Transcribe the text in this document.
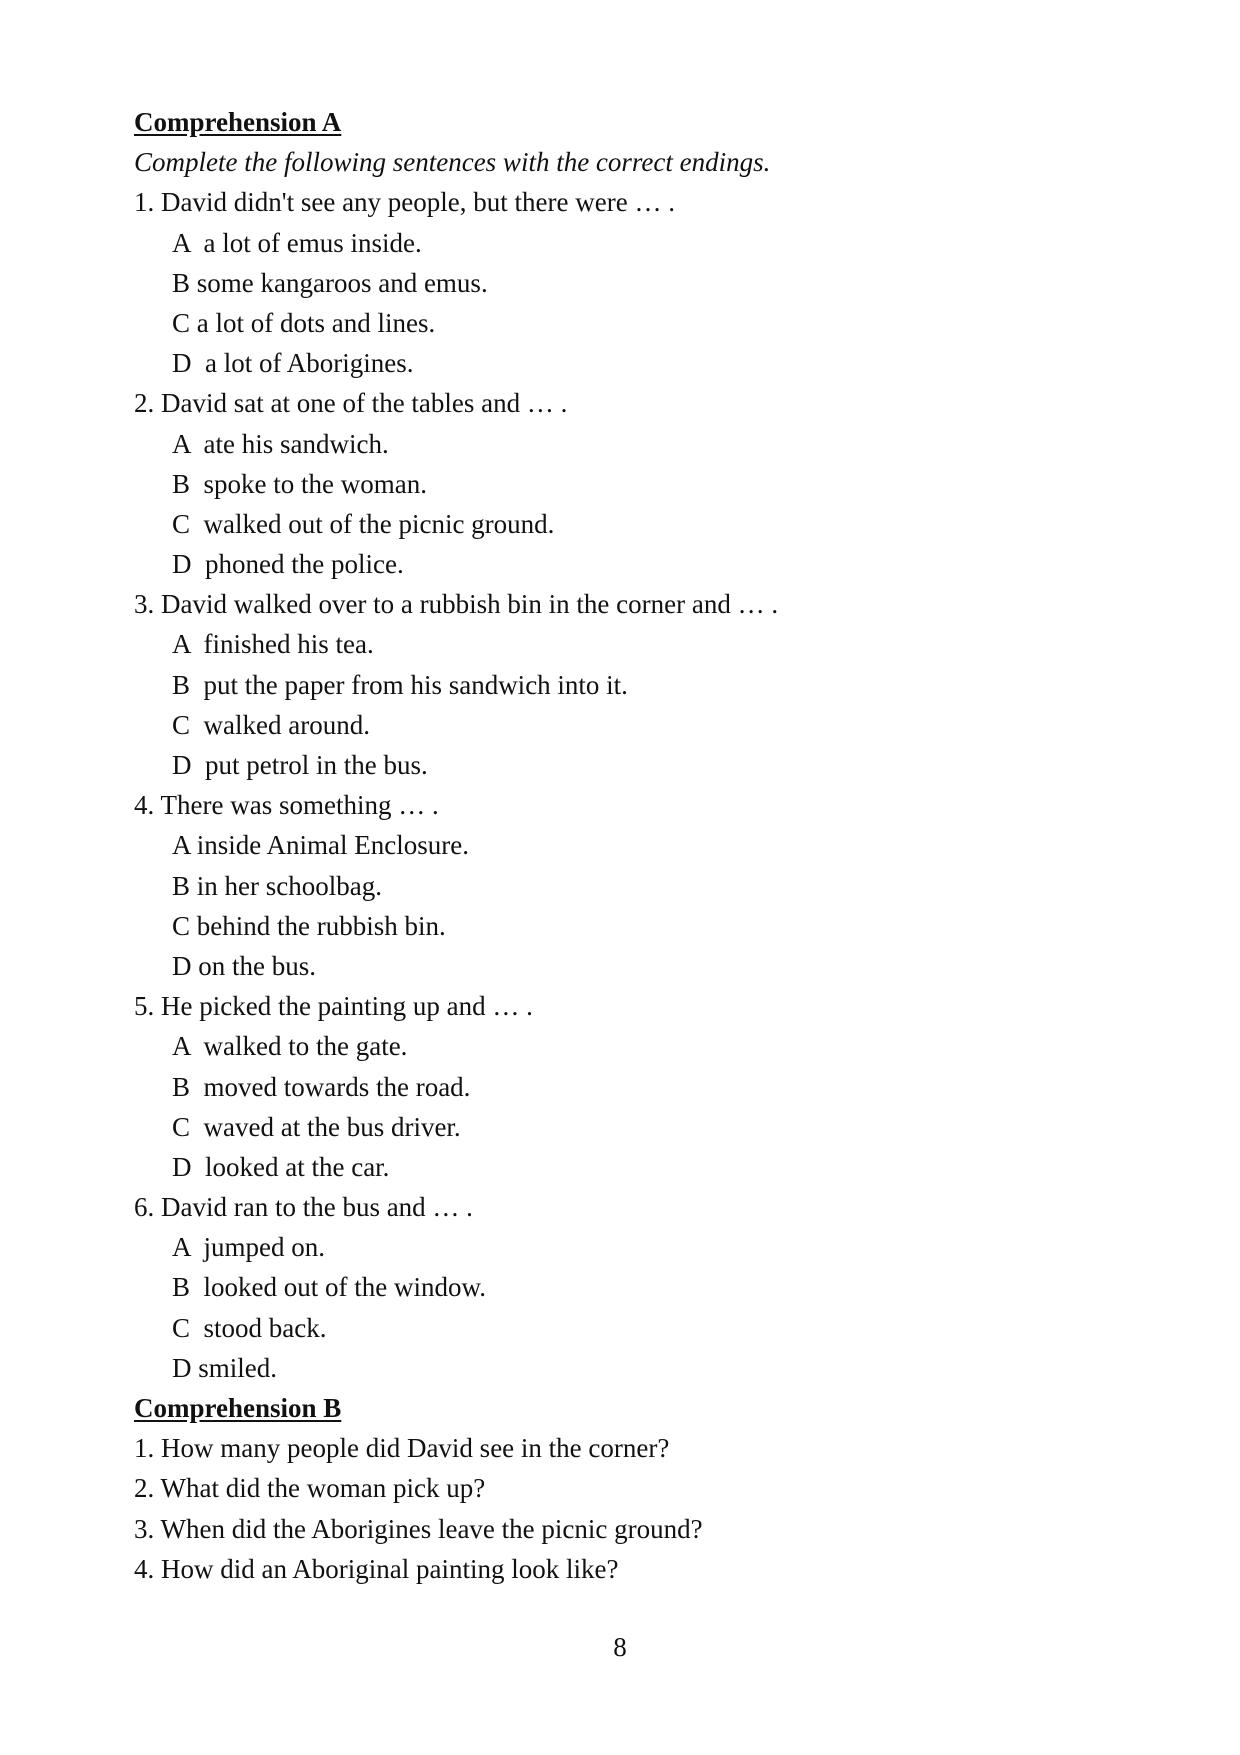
Comprehension A
Complete the following sentences with the correct endings.
1. David didn't see any people, but there were … .
A  a lot of emus inside.
B some kangaroos and emus.
C a lot of dots and lines.
D  a lot of Aborigines.
2. David sat at one of the tables and … .
A  ate his sandwich.
B  spoke to the woman.
C  walked out of the picnic ground.
D  phoned the police.
3. David walked over to a rubbish bin in the corner and … .
A  finished his tea.
B  put the paper from his sandwich into it.
C  walked around.
D  put petrol in the bus.
4. There was something … .
A inside Animal Enclosure.
B in her schoolbag.
C behind the rubbish bin.
D on the bus.
5. He picked the painting up and … .
A  walked to the gate.
B  moved towards the road.
C  waved at the bus driver.
D  looked at the car.
6. David ran to the bus and … .
A  jumped on.
B  looked out of the window.
C  stood back.
D smiled.
Comprehension B
1. How many people did David see in the corner?
2. What did the woman pick up?
3. When did the Aborigines leave the picnic ground?
4. How did an Aboriginal painting look like?
8
